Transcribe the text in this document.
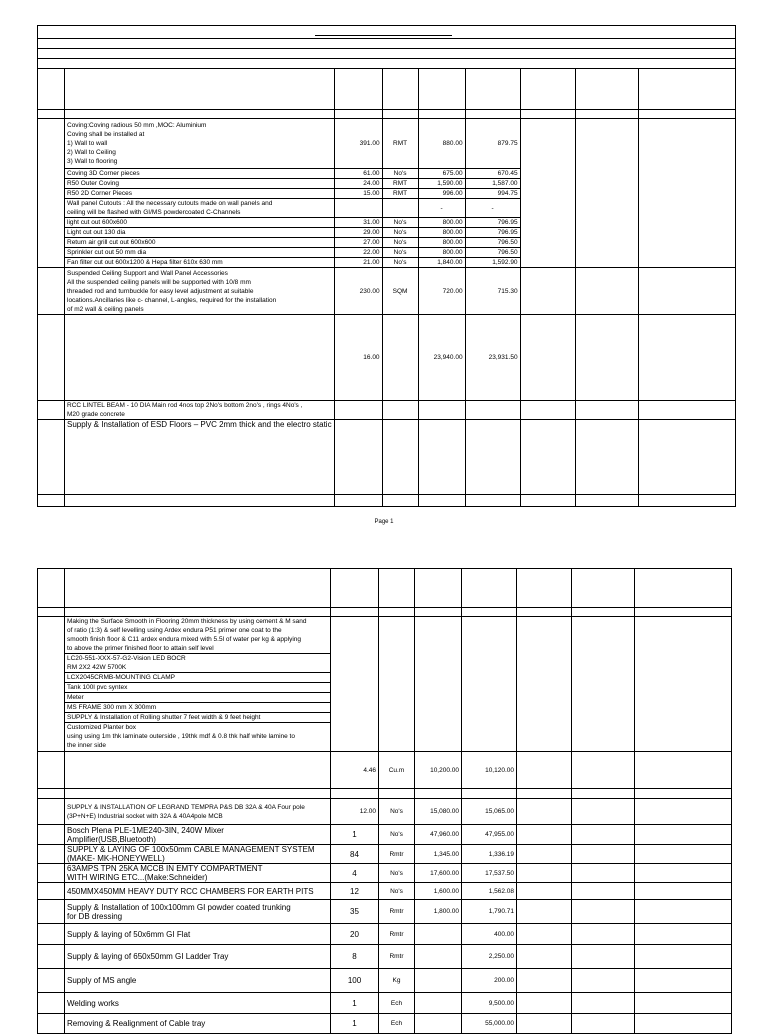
	Coving:Coving radious 50 mm ,MOC: Aluminium
Coving shall be installed at
1) Wall to wall
2) Wall to Ceiling
3) Wall to flooring	391.00	RMT	880.00	879.75			
	Coving 3D Corner pieces	61.00	No's	675.00	670.45			
	R50 Outer Coving	24.00	RMT	1,590.00	1,587.00			
	R50 2D Corner Pieces	15.00	RMT	996.00	994.75			

	Wall panel Cutouts : All the necessary cutouts made on wall panels and
ceiling will be flashed with GI/MS powdercoated C-Channels			-	-			
	light cut out 600x600	31.00	No's	800.00	796.95			
	Light cut out 130 dia	29.00	No's	800.00	796.95			
	Return air grill cut out 600x600	27.00	No's	800.00	796.50			
	Sprinkler cut out 50 mm dia	22.00	No's	800.00	796.50			
	Fan filter cut out 600x1200 & Hepa filter 610x 630 mm	21.00	No's	1,840.00	1,592.90			

	Suspended Ceiling Support and Wall Panel Accessories
All the suspended ceiling panels will be supported with 10/8 mm
threaded rod and turnbuckle for easy level adjustment at suitable
locations.Ancillaries like c- channel, L-angles, required for the installation
of m2 wall & ceiling panels	230.00	SQM	720.00	715.30			
		16.00		23,940.00	23,931.50			

	RCC LINTEL BEAM - 10 DIA Main rod 4nos top 2No's bottom 2no's , rings 4No's ,
M20 grade concrete							

	Supply & Installation of ESD Floors – PVC 2mm thick and the electro static							

Page 1

	Making the Surface Smooth in Flooring 20mm thickness by using cement & M sand
of ratio (1:3) & self levelling using Ardex endura P51 primer one coat to the
smooth finish floor & C11 ardex endura mixed with 5.5l of water per kg & applying
to above the primer finished floor to attain self level							

	LC20-551-XXX-57-G2-Vision LED BOCR
RM 2X2 42W 5700K							

	LCX2045CRMB-MOUNTING CLAMP							
	Tank 100l pvc syntex							
	Meter							
	MS FRAME 300 mm X 300mm							
	SUPPLY & Installation of Rolling shutter 7 feet width & 9 feet height							

	Customized Planter box
using using 1m thk laminate outerside , 19thk mdf & 0.8 thk half white lamine to
the inner side							

		4.46	Cu.m	10,200.00	10,120.00			

	SUPPLY & INSTALLATION OF LEGRAND TEMPRA P&S DB 32A & 40A Four pole
(3P+N+E) Industrial socket with 32A & 40A4pole MCB	12.00	No's	15,080.00	15,065.00			

	Bosch Plena PLE-1ME240-3IN, 240W Mixer
Amplifier(USB,Bluetooth)	1	No's	47,960.00	47,955.00			

	SUPPLY & LAYING OF 100x50mm CABLE MANAGEMENT SYSTEM
(MAKE- MK-HONEYWELL)	84	Rmtr	1,345.00	1,336.19			

	63AMPS TPN 25KA MCCB IN EMTY COMPARTMENT
WITH WIRING ETC...(Make:Schneider)	4	No's	17,600.00	17,537.50			
	450MMX450MM HEAVY DUTY RCC CHAMBERS FOR EARTH PITS	12	No's	1,600.00	1,562.08			

	Supply & Installation of 100x100mm GI powder coated trunking
for DB dressing	35	Rmtr	1,800.00	1,790.71			
	Supply & laying of 50x6mm GI Flat	20	Rmtr		400.00			
	Supply & laying of 650x50mm GI Ladder Tray	8	Rmtr		2,250.00			
	Supply of MS angle	100	Kg		200.00			
	Welding works	1	Ech		9,500.00			
	Removing & Realignment of Cable tray	1	Ech		55,000.00			
